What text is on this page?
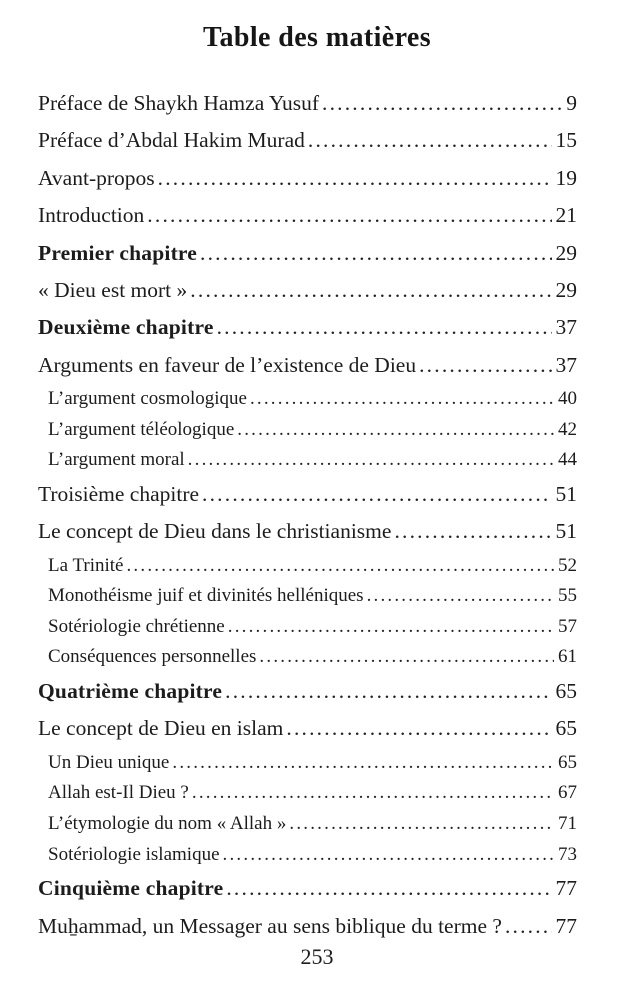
Table des matières
Préface de Shaykh Hamza Yusuf .....	9
Préface d’Abdal Hakim Murad .....	15
Avant-propos .....	19
Introduction .....	21
Premier chapitre .....	29
« Dieu est mort » .....	29
Deuxième chapitre .....	37
Arguments en faveur de l’existence de Dieu .....	37
L’argument cosmologique .....	40
L’argument téléologique .....	42
L’argument moral .....	44
Troisième chapitre .....	51
Le concept de Dieu dans le christianisme .....	51
La Trinité .....	52
Monothéisme juif et divinités helléniques .....	55
Sotériologie chrétienne .....	57
Conséquences personnelles .....	61
Quatrième chapitre .....	65
Le concept de Dieu en islam .....	65
Un Dieu unique .....	65
Allah est-Il Dieu ? .....	67
L’étymologie du nom « Allah » .....	71
Sotériologie islamique .....	73
Cinquième chapitre .....	77
Muẖammad, un Messager au sens biblique du terme ? ..... 77
253
